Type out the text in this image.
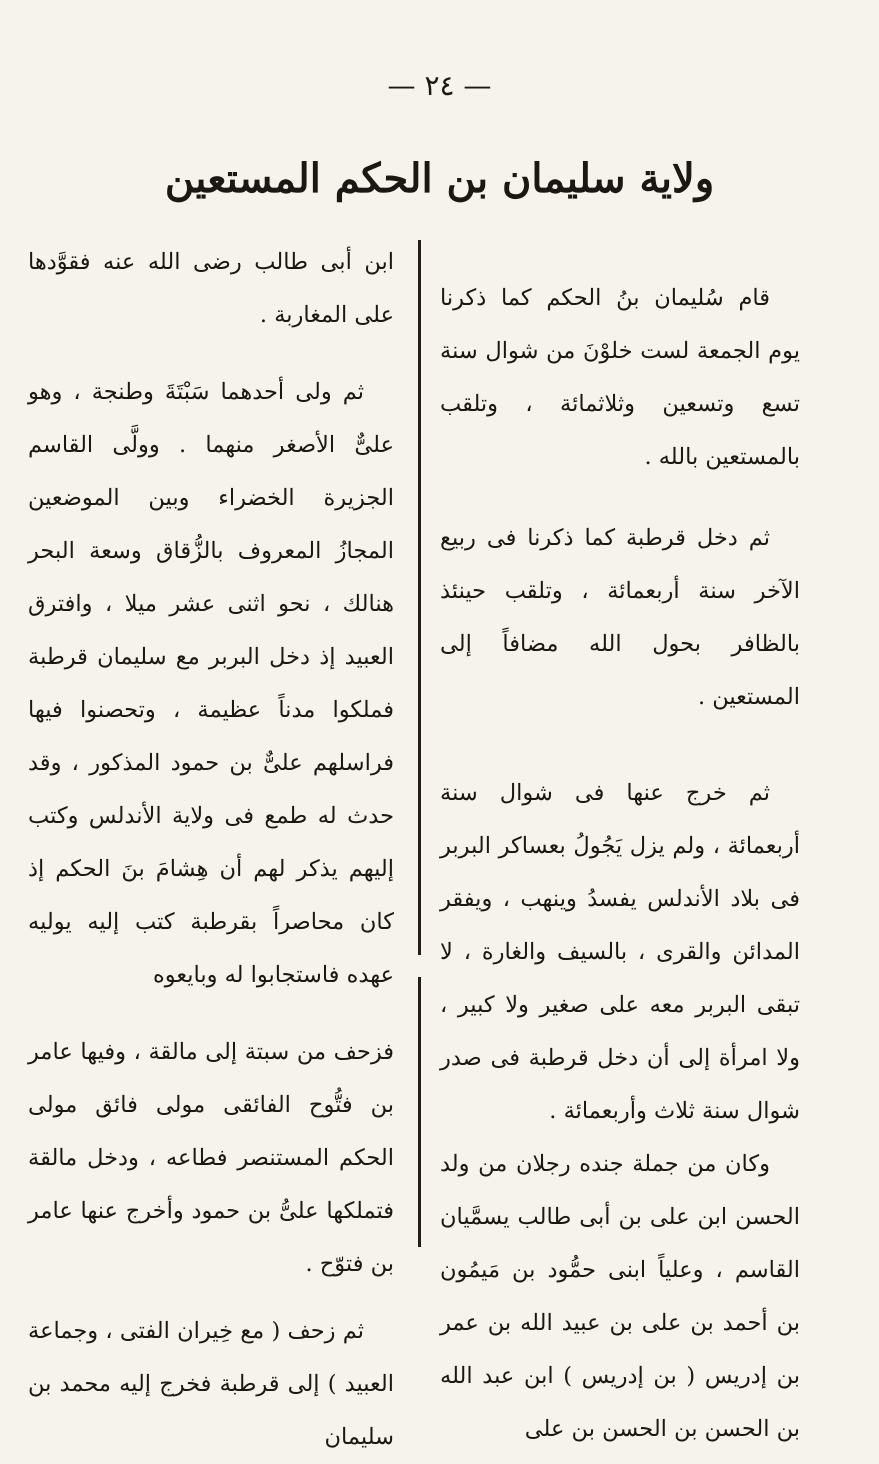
— ٢٤ —
ولاية سليمان بن الحكم المستعين

قام سُليمان بنُ الحكم كما ذكرنا يوم الجمعة لست خلوْنَ من شوال سنة تسع وتسعين وثلاثمائة ، وتلقب بالمستعين بالله .

ثم دخل قرطبة كما ذكرنا فى ربيع الآخر سنة أربعمائة ، وتلقب حينئذ بالظافر بحول الله مضافاً إلى المستعين .

ثم خرج عنها فى شوال سنة أربعمائة ، ولم يزل يَجُولُ بعساكر البربر فى بلاد الأندلس يفسدُ وينهب ، ويفقر المدائن والقرى ، بالسيف والغارة ، لا تبقى البربر معه على صغير ولا كبير ، ولا امرأة إلى أن دخل قرطبة فى صدر شوال سنة ثلاث وأربعمائة .

وكان من جملة جنده رجلان من ولد الحسن ابن على بن أبى طالب يسمَّيان القاسم ، وعلياً ابنى حمُّود بن مَيمُون بن أحمد بن على بن عبيد الله بن عمر بن إدريس ( بن إدريس ) ابن عبد الله بن الحسن بن الحسن بن على

ابن أبى طالب رضى الله عنه فقوَّدها على المغاربة .

ثم ولى أحدهما سَبْتَةَ وطنجة ، وهو علىٌّ الأصغر منهما . وولَّى القاسم الجزيرة الخضراء وبين الموضعين المجازُ المعروف بالزُّقاق وسعة البحر هنالك ، نحو اثنى عشر ميلا ، وافترق العبيد إذ دخل البربر مع سليمان قرطبة فملكوا مدناً عظيمة ، وتحصنوا فيها فراسلهم علىٌّ بن حمود المذكور ، وقد حدث له طمع فى ولاية الأندلس وكتب إليهم يذكر لهم أن هِشامَ بنَ الحكم إذ كان محاصراً بقرطبة كتب إليه يوليه عهده فاستجابوا له وبايعوه

فزحف من سبتة إلى مالقة ، وفيها عامر بن فتُّوح الفائقى مولى فائق مولى الحكم المستنصر فطاعه ، ودخل مالقة فتملكها علىُّ بن حمود وأخرج عنها عامر بن فتوّح .

ثم زحف ( مع خِيران الفتى ، وجماعة العبيد ) إلى قرطبة فخرج إليه محمد بن سليمان
